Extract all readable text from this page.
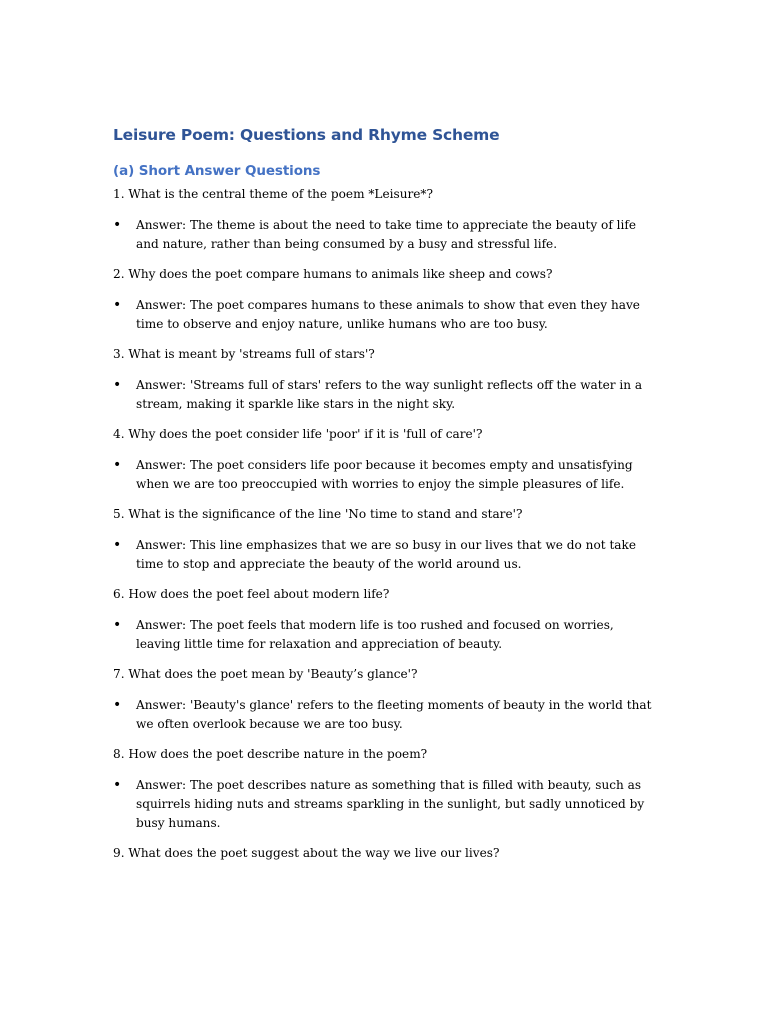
Leisure Poem: Questions and Rhyme Scheme
(a) Short Answer Questions

1. What is the central theme of the poem *Leisure*?

• Answer: The theme is about the need to take time to appreciate the beauty of life and nature, rather than being consumed by a busy and stressful life.

2. Why does the poet compare humans to animals like sheep and cows?

• Answer: The poet compares humans to these animals to show that even they have time to observe and enjoy nature, unlike humans who are too busy.

3. What is meant by 'streams full of stars'?

• Answer: 'Streams full of stars' refers to the way sunlight reflects off the water in a stream, making it sparkle like stars in the night sky.

4. Why does the poet consider life 'poor' if it is 'full of care'?

• Answer: The poet considers life poor because it becomes empty and unsatisfying when we are too preoccupied with worries to enjoy the simple pleasures of life.

5. What is the significance of the line 'No time to stand and stare'?

• Answer: This line emphasizes that we are so busy in our lives that we do not take time to stop and appreciate the beauty of the world around us.

6. How does the poet feel about modern life?

• Answer: The poet feels that modern life is too rushed and focused on worries, leaving little time for relaxation and appreciation of beauty.

7. What does the poet mean by 'Beauty’s glance'?

• Answer: 'Beauty's glance' refers to the fleeting moments of beauty in the world that we often overlook because we are too busy.

8. How does the poet describe nature in the poem?

• Answer: The poet describes nature as something that is filled with beauty, such as squirrels hiding nuts and streams sparkling in the sunlight, but sadly unnoticed by busy humans.

9. What does the poet suggest about the way we live our lives?
